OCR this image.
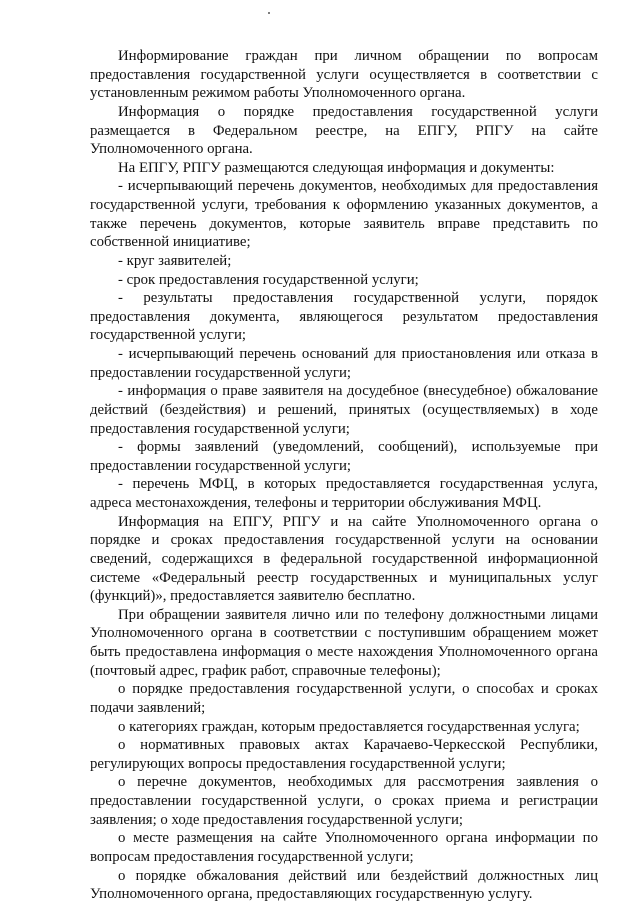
Информирование граждан при личном обращении по вопросам предоставления государственной услуги осуществляется в соответствии с установленным режимом работы Уполномоченного органа.

Информация о порядке предоставления государственной услуги размещается в Федеральном реестре, на ЕПГУ, РПГУ на сайте Уполномоченного органа.

На ЕПГУ, РПГУ размещаются следующая информация и документы:

- исчерпывающий перечень документов, необходимых для предоставления государственной услуги, требования к оформлению указанных документов, а также перечень документов, которые заявитель вправе представить по собственной инициативе;

- круг заявителей;

- срок предоставления государственной услуги;

- результаты предоставления государственной услуги, порядок предоставления документа, являющегося результатом предоставления государственной услуги;

- исчерпывающий перечень оснований для приостановления или отказа в предоставлении государственной услуги;

- информация о праве заявителя на досудебное (внесудебное) обжалование действий (бездействия) и решений, принятых (осуществляемых) в ходе предоставления государственной услуги;

- формы заявлений (уведомлений, сообщений), используемые при предоставлении государственной услуги;

- перечень МФЦ, в которых предоставляется государственная услуга, адреса местонахождения, телефоны и территории обслуживания МФЦ.

Информация на ЕПГУ, РПГУ и на сайте Уполномоченного органа о порядке и сроках предоставления государственной услуги на основании сведений, содержащихся в федеральной государственной информационной системе «Федеральный реестр государственных и муниципальных услуг (функций)», предоставляется заявителю бесплатно.

При обращении заявителя лично или по телефону должностными лицами Уполномоченного органа в соответствии с поступившим обращением может быть предоставлена информация о месте нахождения Уполномоченного органа (почтовый адрес, график работ, справочные телефоны);

о порядке предоставления государственной услуги, о способах и сроках подачи заявлений;

о категориях граждан, которым предоставляется государственная услуга;

о нормативных правовых актах Карачаево-Черкесской Республики, регулирующих вопросы предоставления государственной услуги;

о перечне документов, необходимых для рассмотрения заявления о предоставлении государственной услуги, о сроках приема и регистрации заявления; о ходе предоставления государственной услуги;

о месте размещения на сайте Уполномоченного органа информации по вопросам предоставления государственной услуги;

о порядке обжалования действий или бездействий должностных лиц Уполномоченного органа, предоставляющих государственную услугу.
